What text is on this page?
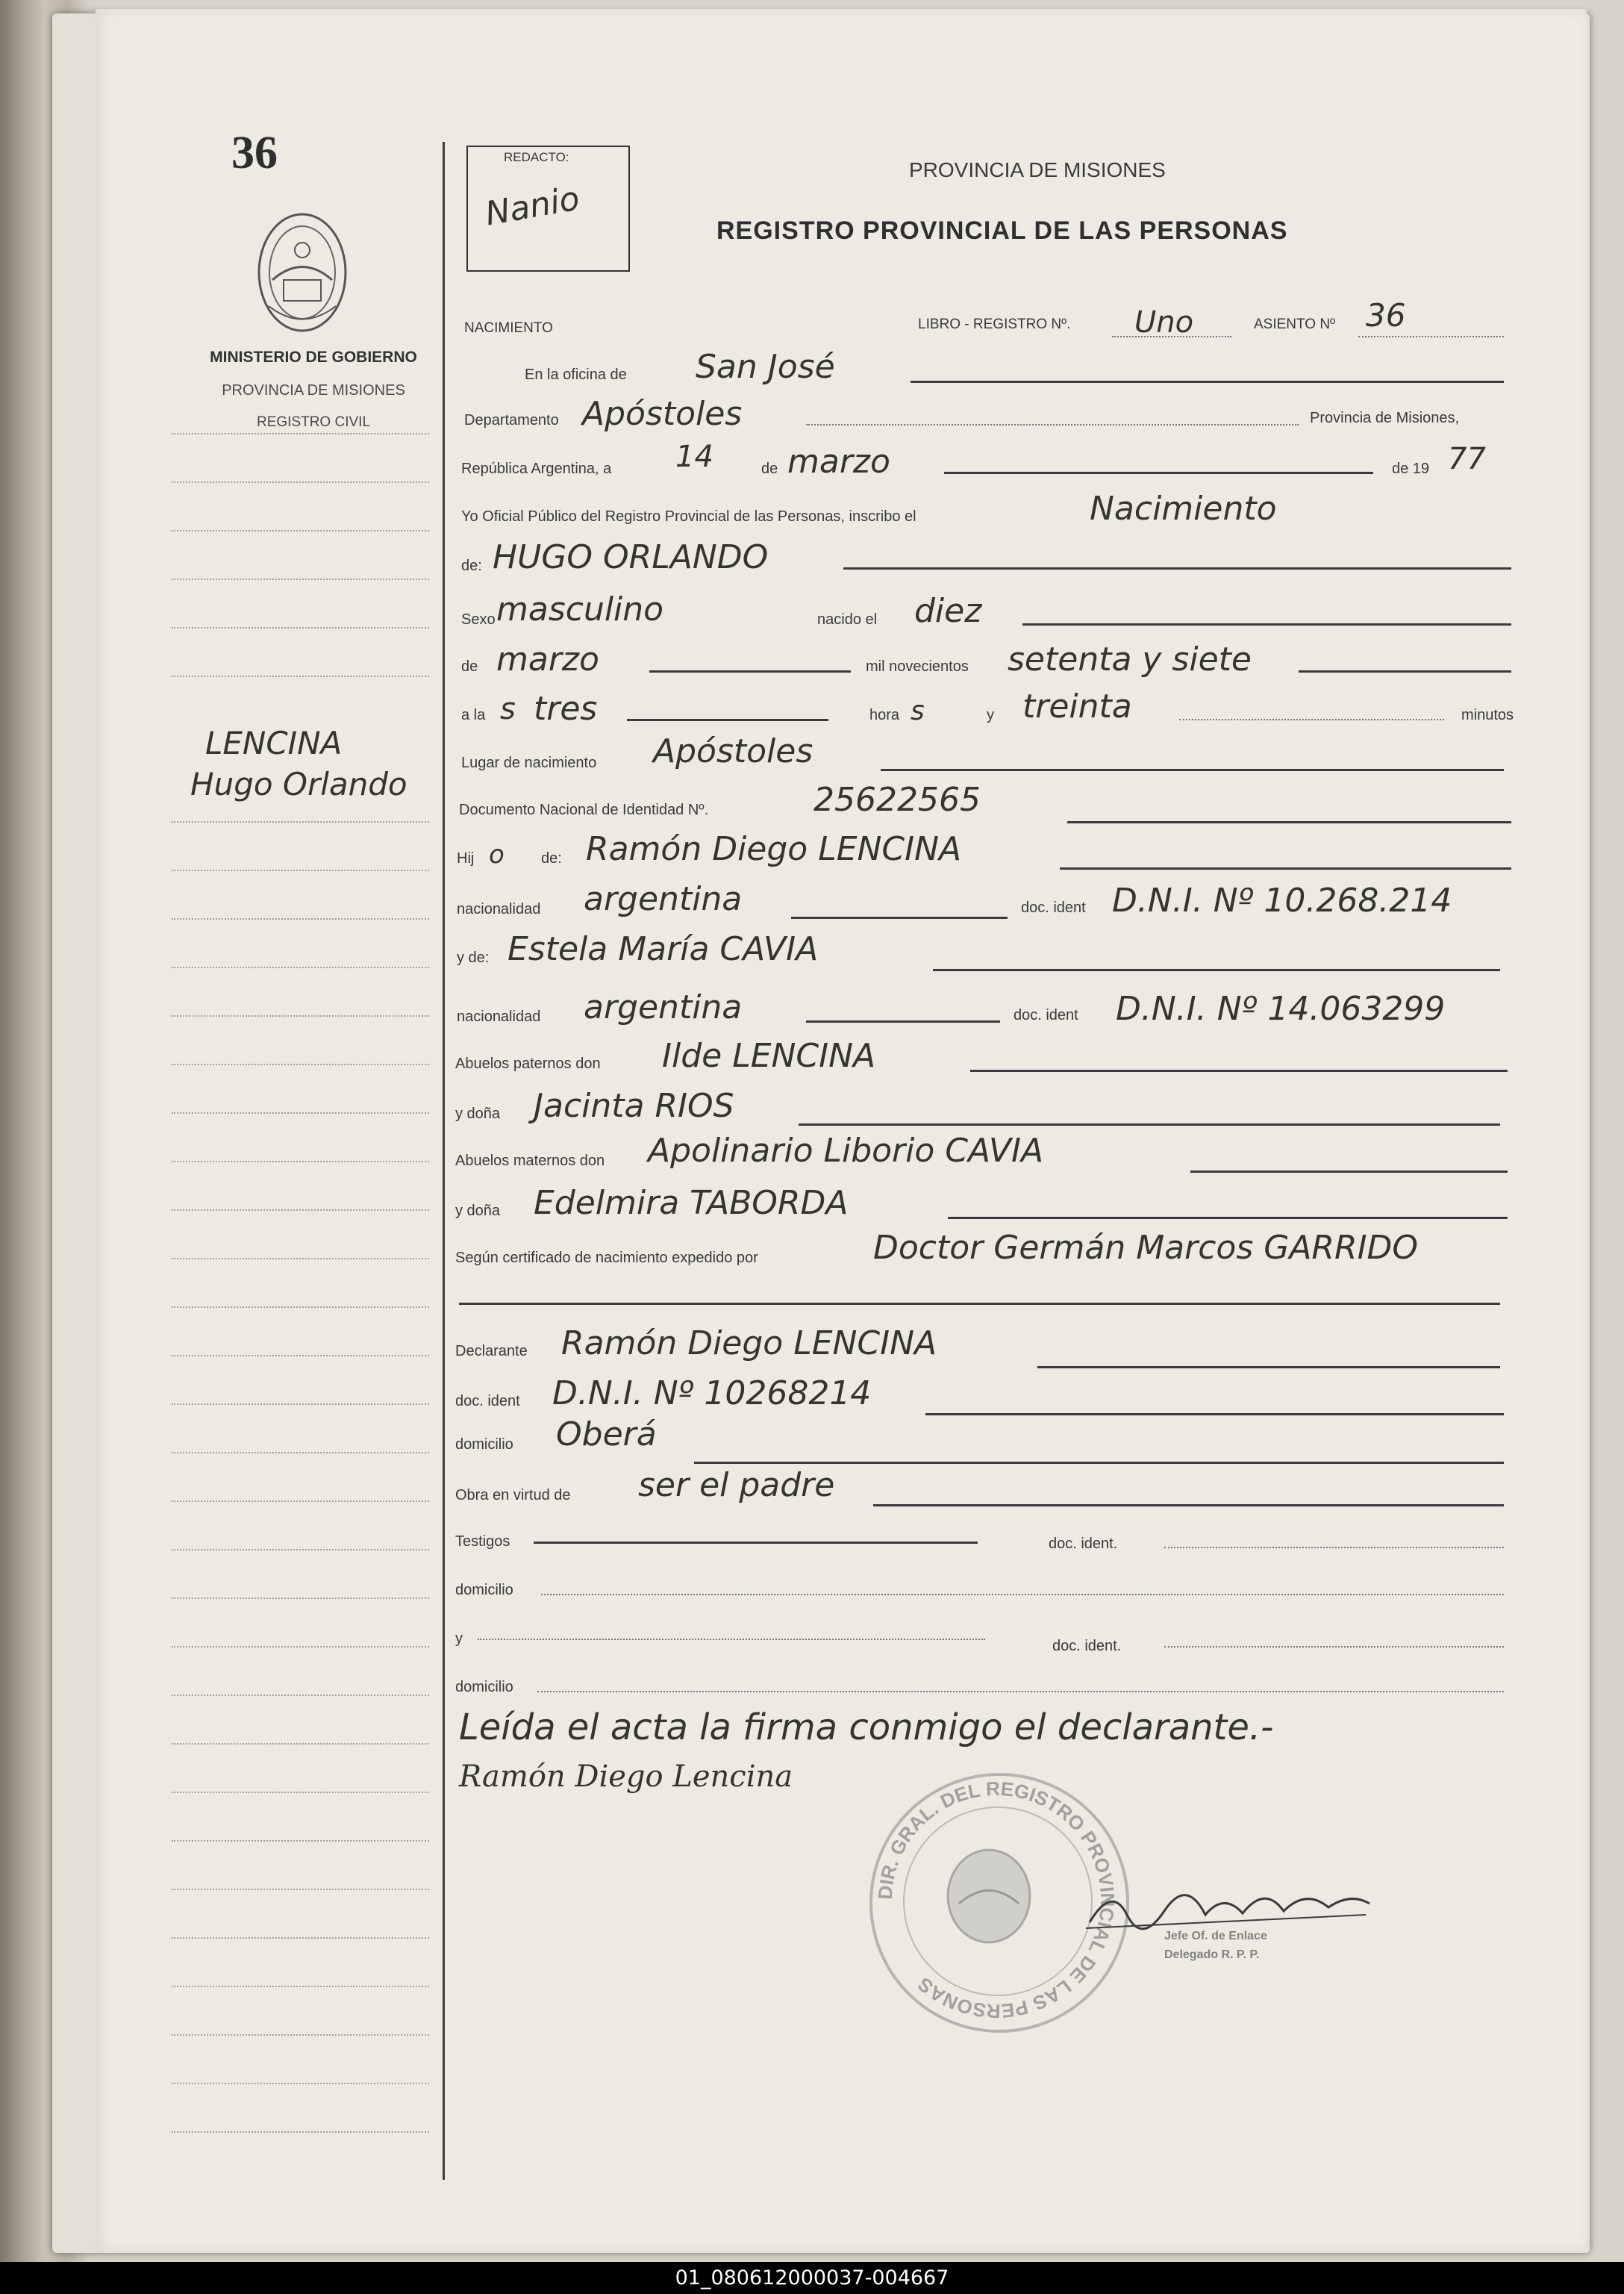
36
MINISTERIO DE GOBIERNO
PROVINCIA DE MISIONES
REGISTRO CIVIL
LENCINA
Hugo Orlando
REDACTO:
Nanio
PROVINCIA DE MISIONES
REGISTRO PROVINCIAL DE LAS PERSONAS
NACIMIENTO	LIBRO - REGISTRO Nº. Uno	ASIENTO Nº 36
En la oficina de San José
Departamento Apóstoles	Provincia de Misiones,
República Argentina, a 14	de marzo	de 19 77
Yo Oficial Público del Registro Provincial de las Personas, inscribo el	Nacimiento
de: HUGO ORLANDO
Sexo masculino	nacido el diez
de marzo	mil novecientos setenta y siete
a la s tres	hora s	y treinta	minutos
Lugar de nacimiento Apóstoles
Documento Nacional de Identidad Nº.	25622565
Hij o de: Ramón Diego LENCINA
nacionalidad argentina	doc. ident D.N.I. Nº 10.268.214
y de: Estela María CAVIA
nacionalidad argentina	doc. ident D.N.I. Nº 14.063299
Abuelos paternos don Ilde LENCINA
y doña Jacinta RIOS
Abuelos maternos don Apolinario Liborio CAVIA
y doña Edelmira TABORDA
Según certificado de nacimiento expedido por	Doctor Germán Marcos GARRIDO
Declarante Ramón Diego LENCINA
doc. ident D.N.I. Nº 10268214
domicilio Oberá
Obra en virtud de ser el padre
Testigos	doc. ident.
domicilio
y	doc. ident.
domicilio
Leída el acta la firma conmigo el declarante.-
Ramón Diego Lencina
DIR. GRAL. DEL REGISTRO PROVINCIAL DE LAS PERSONAS
Jefe Of. de Enlace
Delegado R. P. P.
01_080612000037-004667
